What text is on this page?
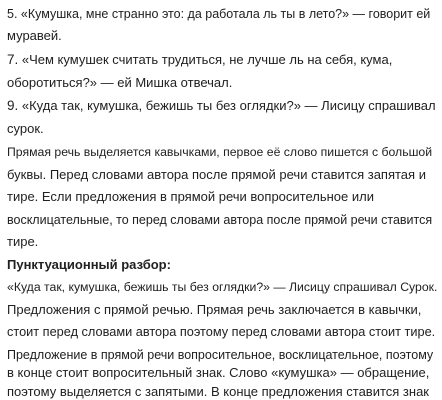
5. «Кумушка, мне странно это: да работала ль ты в лето?» — говорит ей
муравей.
7. «Чем кумушек считать трудиться, не лучше ль на себя, кума,
оборотиться?» — ей Мишка отвечал.
9. «Куда так, кумушка, бежишь ты без оглядки?» — Лисицу спрашивал
сурок.
Прямая речь выделяется кавычками, первое её слово пишется с большой
буквы. Перед словами автора после прямой речи ставится запятая и
тире. Если предложения в прямой речи вопросительное или
восклицательные, то перед словами автора после прямой речи ставится
тире.
Пунктуационный разбор:
«Куда так, кумушка, бежишь ты без оглядки?» — Лисицу спрашивал Сурок.
Предложения с прямой речью. Прямая речь заключается в кавычки,
стоит перед словами автора поэтому перед словами автора стоит тире.
Предложение в прямой речи вопросительное, восклицательное, поэтому
в конце стоит вопросительный знак. Слово «кумушка» — обращение,
поэтому выделяется с запятыми. В конце предложения ставится знак
